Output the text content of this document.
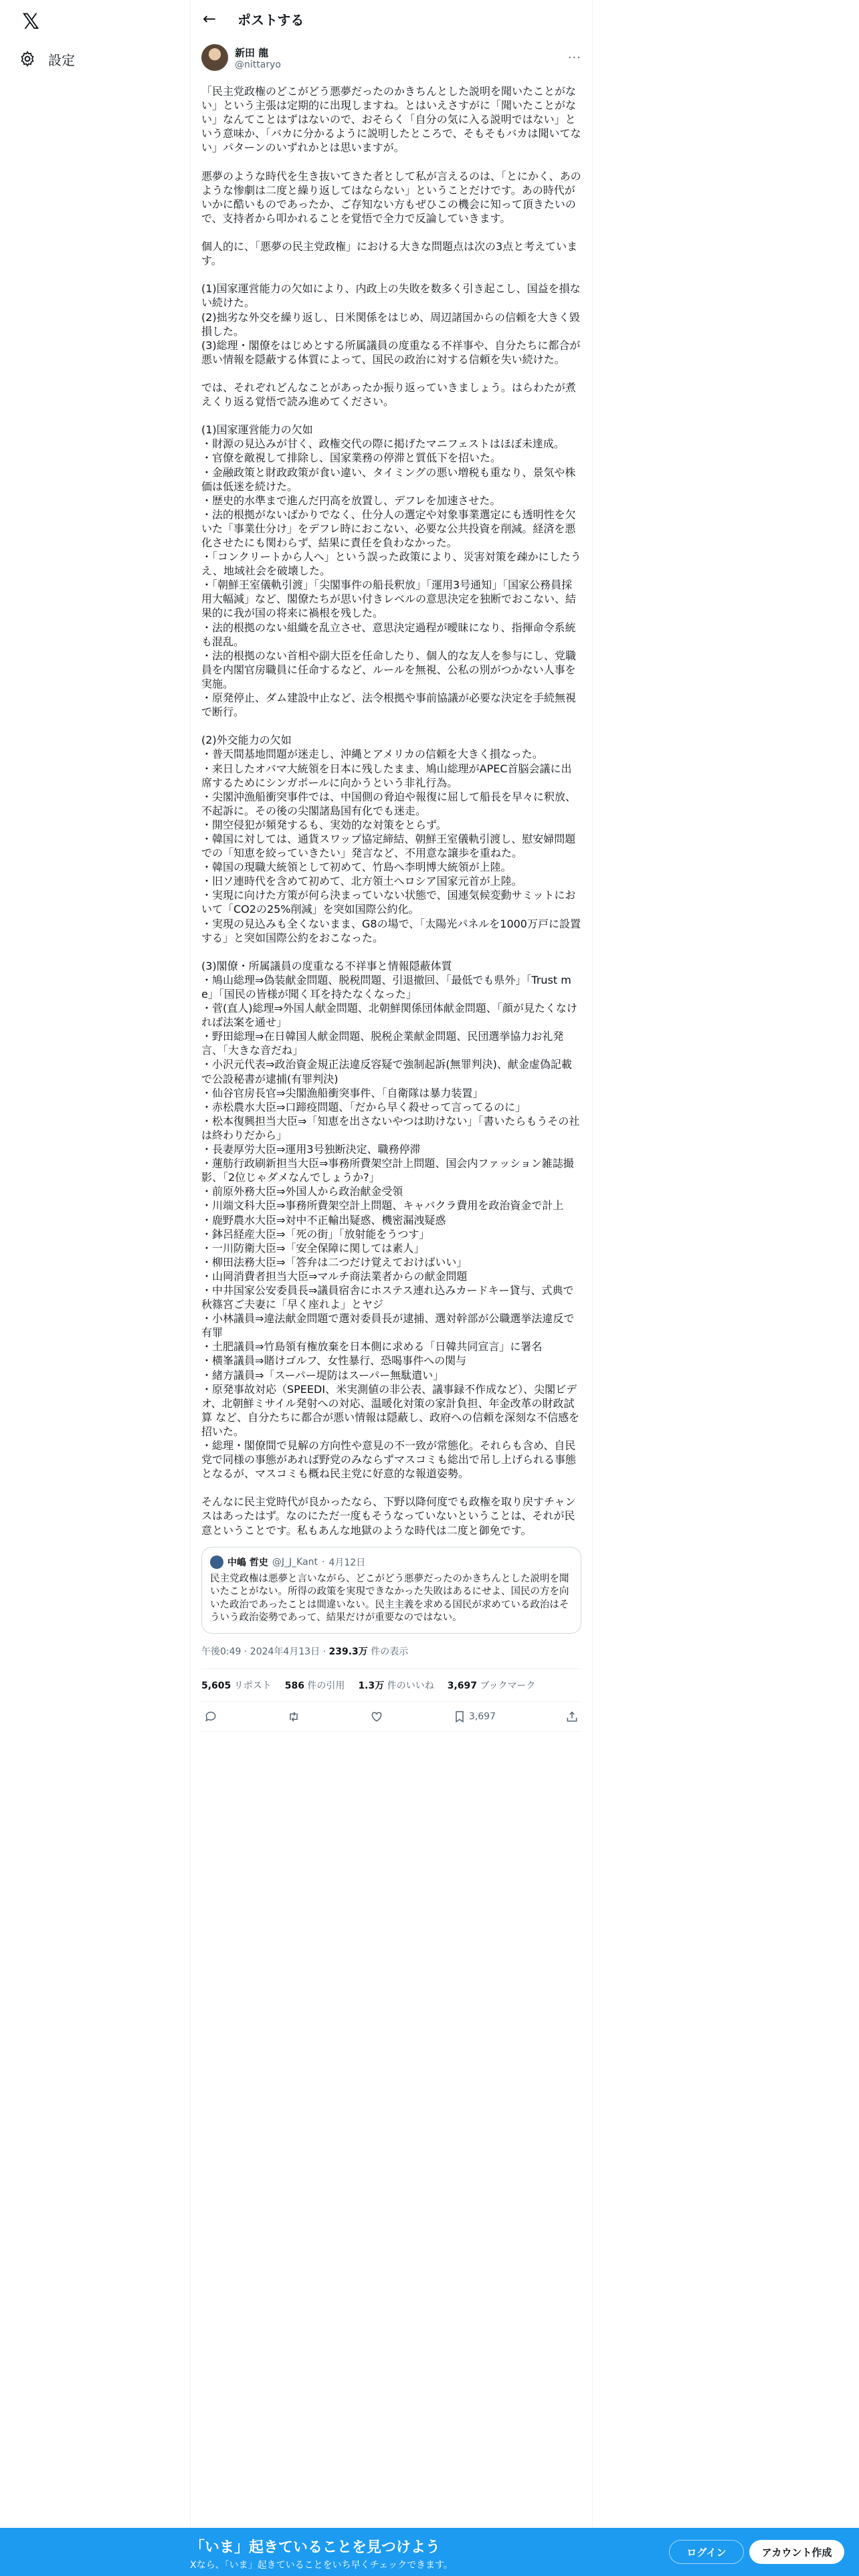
𝕏
設定
← ポストする
新田 龍
@nittaryo	···
「民主党政権のどこがどう悪夢だったのかきちんとした説明を聞いたことがない」という主張は定期的に出現しますね。とはいえさすがに「聞いたことがない」なんてことはずはないので、おそらく「自分の気に入る説明ではない」という意味か、「バカに分かるように説明したところで、そもそもバカは聞いてない」パターンのいずれかとは思いますが。

悪夢のような時代を生き抜いてきた者として私が言えるのは、「とにかく、あのような惨劇は二度と繰り返してはならない」ということだけです。あの時代がいかに酷いものであったか、ご存知ない方もぜひこの機会に知って頂きたいので、支持者から叩かれることを覚悟で全力で反論していきます。

個人的に、「悪夢の民主党政権」における大きな問題点は次の3点と考えています。

(1)国家運営能力の欠如により、内政上の失敗を数多く引き起こし、国益を損ない続けた。
(2)拙劣な外交を繰り返し、日米関係をはじめ、周辺諸国からの信頼を大きく毀損した。
(3)総理・閣僚をはじめとする所属議員の度重なる不祥事や、自分たちに都合が悪い情報を隠蔽する体質によって、国民の政治に対する信頼を失い続けた。

では、それぞれどんなことがあったか振り返っていきましょう。はらわたが煮えくり返る覚悟で読み進めてください。

(1)国家運営能力の欠如
・財源の見込みが甘く、政権交代の際に掲げたマニフェストはほぼ未達成。
・官僚を敵視して排除し、国家業務の停滞と質低下を招いた。
・金融政策と財政政策が食い違い、タイミングの悪い増税も重なり、景気や株価は低迷を続けた。
・歴史的水準まで進んだ円高を放置し、デフレを加速させた。
・法的根拠がないばかりでなく、仕分人の選定や対象事業選定にも透明性を欠いた「事業仕分け」をデフレ時におこない、必要な公共投資を削減。経済を悪化させたにも関わらず、結果に責任を負わなかった。
・「コンクリートから人へ」という誤った政策により、災害対策を疎かにしたうえ、地域社会を破壊した。
・「朝鮮王室儀軌引渡」「尖閣事件の船長釈放」「運用3号通知」「国家公務員採用大幅減」など、閣僚たちが思い付きレベルの意思決定を独断でおこない、結果的に我が国の将来に禍根を残した。
・法的根拠のない組織を乱立させ、意思決定過程が曖昧になり、指揮命令系統も混乱。
・法的根拠のない首相や副大臣を任命したり、個人的な友人を参与にし、党職員を内閣官房職員に任命するなど、ルールを無視、公私の別がつかない人事を実施。
・原発停止、ダム建設中止など、法令根拠や事前協議が必要な決定を手続無視で断行。

(2)外交能力の欠如
・普天間基地問題が迷走し、沖縄とアメリカの信頼を大きく損なった。
・来日したオバマ大統領を日本に残したまま、鳩山総理がAPEC首脳会議に出席するためにシンガポールに向かうという非礼行為。
・尖閣沖漁船衝突事件では、中国側の脅迫や報復に屈して船長を早々に釈放、不起訴に。その後の尖閣諸島国有化でも迷走。
・開空侵犯が頻発するも、実効的な対策をとらず。
・韓国に対しては、通貨スワップ協定締結、朝鮮王室儀軌引渡し、慰安婦問題での「知恵を絞っていきたい」発言など、不用意な譲歩を重ねた。
・韓国の現職大統領として初めて、竹島へ李明博大統領が上陸。
・旧ソ連時代を含めて初めて、北方領土へロシア国家元首が上陸。
・実現に向けた方策が何ら決まっていない状態で、国連気候変動サミットにおいて「CO2の25%削減」を突如国際公約化。
・実現の見込みも全くないまま、G8の場で、「太陽光パネルを1000万戸に設置する」と突如国際公約をおこなった。

(3)閣僚・所属議員の度重なる不祥事と情報隠蔽体質
・鳩山総理⇒偽装献金問題、脱税問題、引退撤回、「最低でも県外」「Trust me」「国民の皆様が聞く耳を持たなくなった」
・菅(直人)総理⇒外国人献金問題、北朝鮮関係団体献金問題、「顔が見たくなければ法案を通せ」
・野田総理⇒在日韓国人献金問題、脱税企業献金問題、民団選挙協力お礼発言、「大きな音だね」
・小沢元代表⇒政治資金規正法違反容疑で強制起訴(無罪判決)、献金虚偽記載で公設秘書が逮捕(有罪判決)
・仙谷官房長官⇒尖閣漁船衝突事件、「自衛隊は暴力装置」
・赤松農水大臣⇒口蹄疫問題、「だから早く殺せって言ってるのに」
・松本復興担当大臣⇒「知恵を出さないやつは助けない」「書いたらもうその社は終わりだから」
・長妻厚労大臣⇒運用3号独断決定、職務停滞
・蓮舫行政刷新担当大臣⇒事務所費架空計上問題、国会内ファッション雑誌撮影、「2位じゃダメなんでしょうか?」
・前原外務大臣⇒外国人から政治献金受領
・川端文科大臣⇒事務所費架空計上問題、キャバクラ費用を政治資金で計上
・鹿野農水大臣⇒対中不正輸出疑惑、機密漏洩疑惑
・鉢呂経産大臣⇒「死の街」「放射能をうつす」
・一川防衛大臣⇒「安全保障に関しては素人」
・柳田法務大臣⇒「答弁は二つだけ覚えておけばいい」
・山岡消費者担当大臣⇒マルチ商法業者からの献金問題
・中井国家公安委員長⇒議員宿舎にホステス連れ込みカードキー貸与、式典で秋篠宮ご夫妻に「早く座れよ」とヤジ
・小林議員⇒違法献金問題で選対委員長が逮捕、選対幹部が公職選挙法違反で有罪
・土肥議員⇒竹島領有権放棄を日本側に求める「日韓共同宣言」に署名
・横峯議員⇒賭けゴルフ、女性暴行、恐喝事件への関与
・緒方議員⇒「スーパー堤防はスーパー無駄遣い」
・原発事故対応（SPEEDI、米実測値の非公表、議事録不作成など）、尖閣ビデオ、北朝鮮ミサイル発射への対応、温暖化対策の家計負担、年金改革の財政試算 など、自分たちに都合が悪い情報は隠蔽し、政府への信頼を深刻な不信感を招いた。
・総理・閣僚間で見解の方向性や意見の不一致が常態化。それらも含め、自民党で同様の事態があれば野党のみならずマスコミも総出で吊し上げられる事態となるが、マスコミも概ね民主党に好意的な報道姿勢。

そんなに民主党時代が良かったなら、下野以降何度でも政権を取り戻すチャンスはあったはず。なのにただ一度もそうなっていないということは、それが民意ということです。私もあんな地獄のような時代は二度と御免です。
中嶋 哲史 @J_J_Kant · 4月12日
民主党政権は悪夢と言いながら、どこがどう悪夢だったのかきちんとした説明を聞いたことがない。所得の政策を実現できなかった失敗はあるにせよ、国民の方を向いた政治であったことは間違いない。民主主義を求める国民が求めている政治はそういう政治姿勢であって、結果だけが重要なのではない。
午後0:49 · 2024年4月13日 · 239.3万 件の表示
5,605 リポスト 586 件の引用 1.3万 件のいいね 3,697 ブックマーク
3,697
「いま」起きていることを見つけよう
Xなら、「いま」起きていることをいち早くチェックできます。
ログイン	アカウント作成
